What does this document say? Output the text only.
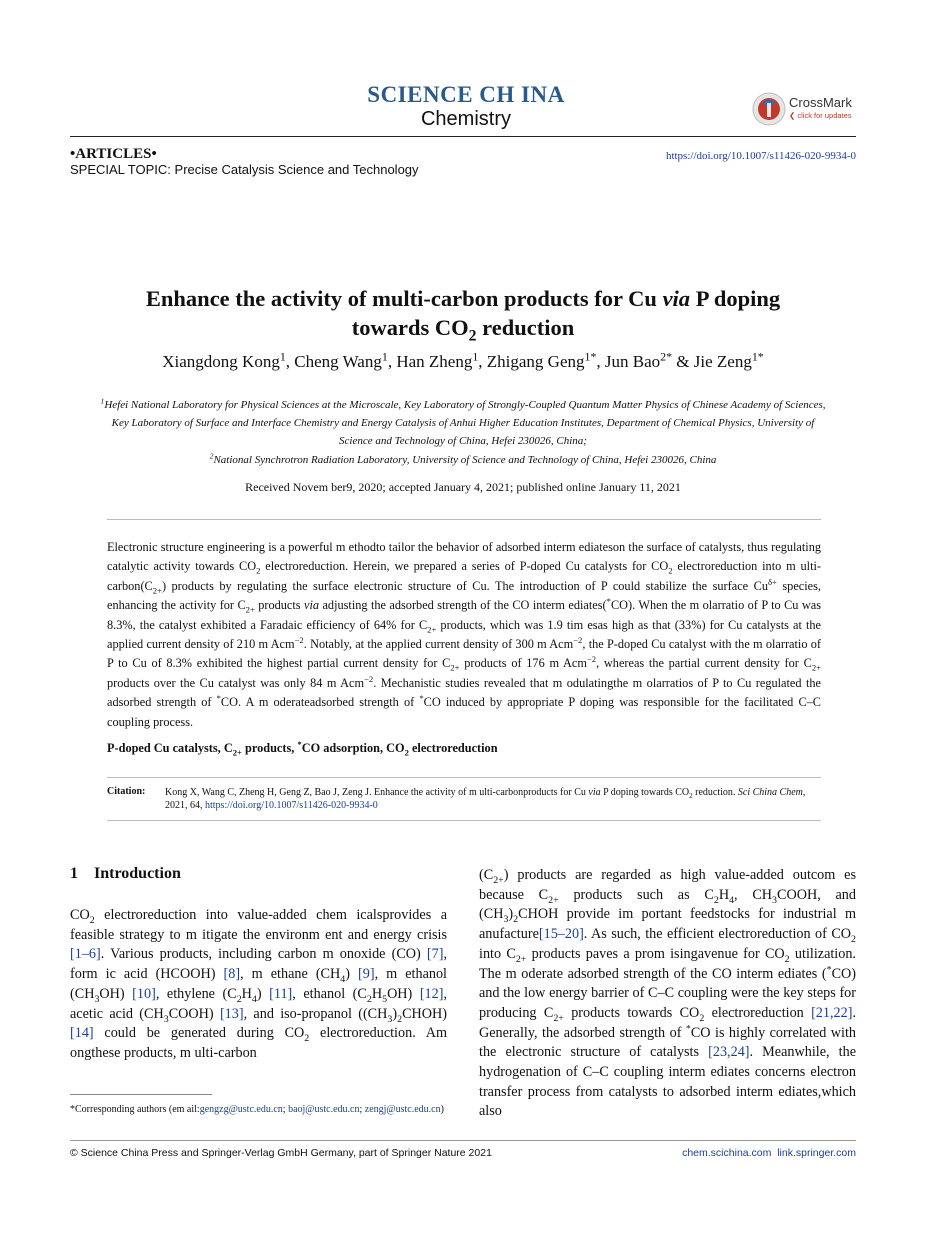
SCIENCE CH INA
Chemistry
CrossMark
❮ click for updates
•ARTICLES•	https://doi.org/10.1007/s11426-020-9934-0
SPECIAL TOPIC: Precise Catalysis Science and Technology
Enhance the activity of multi-carbon products for Cu via P doping
towards $CO_2$ reduction
Xiangdong Kong$^1$, Cheng Wang$^1$, Han Zheng$^1$, Zhigang Geng$^{1*}$, Jun Bao$^{2*}$ & Jie Zeng$^{1*}$
$^1$Hefei National Laboratory for Physical Sciences at the Microscale, Key Laboratory of Strongly-Coupled Quantum Matter Physics of Chinese Academy of Sciences, Key Laboratory of Surface and Interface Chemistry and Energy Catalysis of Anhui Higher Education Institutes, Department of Chemical Physics, University of Science and Technology of China, Hefei 230026, China;
$^2$National Synchrotron Radiation Laboratory, University of Science and Technology of China, Hefei 230026, China
Received Novem ber9, 2020; accepted January 4, 2021; published online January 11, 2021
Electronic structure engineering is a powerful m ethodto tailor the behavior of adsorbed interm ediateson the surface of catalysts, thus regulating catalytic activity towards $CO_2$ electroreduction. Herein, we prepared a series of P-doped Cu catalysts for $CO_2$ electroreduction into m ulti-$carbon(C_{2+})$ products by regulating the surface electronic structure of Cu. The introduction of P could stabilize the surface $Cu^{\delta+}$ species, enhancing the activity for $C_{2+}$ products via adjusting the adsorbed strength of the CO interm ediates(*CO). When the m olarratio of P to Cu was 8.3%, the catalyst exhibited a Faradaic efficiency of 64% for $C_{2+}$ products, which was 1.9 tim esas high as that (33%) for Cu catalysts at the applied current density of 210 m Acm$^{-2}$. Notably, at the applied current density of 300 m Acm$^{-2}$, the P-doped Cu catalyst with the m olarratio of P to Cu of 8.3% exhibited the highest partial current density for $C_{2+}$ products of 176 m Acm$^{-2}$, whereas the partial current density for $C_{2+}$ products over the Cu catalyst was only 84 m Acm$^{-2}$. Mechanistic studies revealed that m odulatingthe m olarratios of P to Cu regulated the adsorbed strength of *CO. A m oderateadsorbed strength of *CO induced by appropriate P doping was responsible for the facilitated C–C coupling process.
P-doped Cu catalysts, $C_{2+}$ products, *CO adsorption, $CO_2$ electroreduction
Citation: Kong X, Wang C, Zheng H, Geng Z, Bao J, Zeng J. Enhance the activity of m ulti-carbonproducts for Cu via P doping towards $CO_2$ reduction. Sci China Chem, 2021, 64, https://doi.org/10.1007/s11426-020-9934-0
1 Introduction
$CO_2$ electroreduction into value-added chem icalsprovides a feasible strategy to m itigate the environm ent and energy crisis [1–6]. Various products, including carbon m onoxide (CO) [7], form ic acid (HCOOH) [8], m ethane $(CH_4)$ [9], m ethanol $(CH_3OH)$ [10], ethylene $(C_2H_4)$ [11], ethanol $(C_2H_5OH)$ [12], acetic acid $(CH_3COOH)$ [13], and iso-propanol $((CH_3)_2CHOH)$ [14] could be generated during $CO_2$ electroreduction. Am ongthese products, m ulti-carbon
$(C_{2+})$ products are regarded as high value-added outcom es because $C_{2+}$ products such as $C_2H_4$, $CH_3COOH$, and $(CH_3)_2CHOH$ provide im portant feedstocks for industrial m anufacture[15–20]. As such, the efficient electroreduction of $CO_2$ into $C_{2+}$ products paves a prom isingavenue for $CO_2$ utilization. The m oderate adsorbed strength of the CO interm ediates (*CO) and the low energy barrier of C–C coupling were the key steps for producing $C_{2+}$ products towards $CO_2$ electroreduction [21,22]. Generally, the adsorbed strength of *CO is highly correlated with the electronic structure of catalysts [23,24]. Meanwhile, the hydrogenation of C–C coupling interm ediates concerns electron transfer process from catalysts to adsorbed interm ediates,which also
*Corresponding authors (em ail:gengzg@ustc.edu.cn; baoj@ustc.edu.cn; zengj@ustc.edu.cn)
© Science China Press and Springer-Verlag GmbH Germany, part of Springer Nature 2021	chem.scichina.com link.springer.com
